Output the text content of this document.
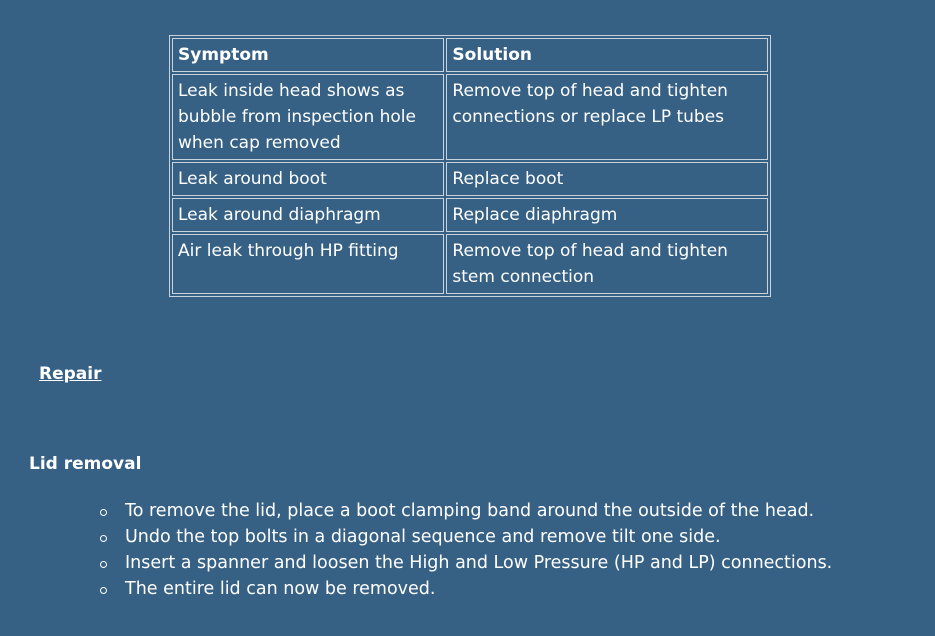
Symptom	Solution
Leak inside head shows as bubble from inspection hole when cap removed	Remove top of head and tighten connections or replace LP tubes
Leak around boot	Replace boot
Leak around diaphragm	Replace diaphragm
Air leak through HP fitting	Remove top of head and tighten stem connection
Repair
Lid removal
To remove the lid, place a boot clamping band around the outside of the head.
Undo the top bolts in a diagonal sequence and remove tilt one side.
Insert a spanner and loosen the High and Low Pressure (HP and LP) connections.
The entire lid can now be removed.
